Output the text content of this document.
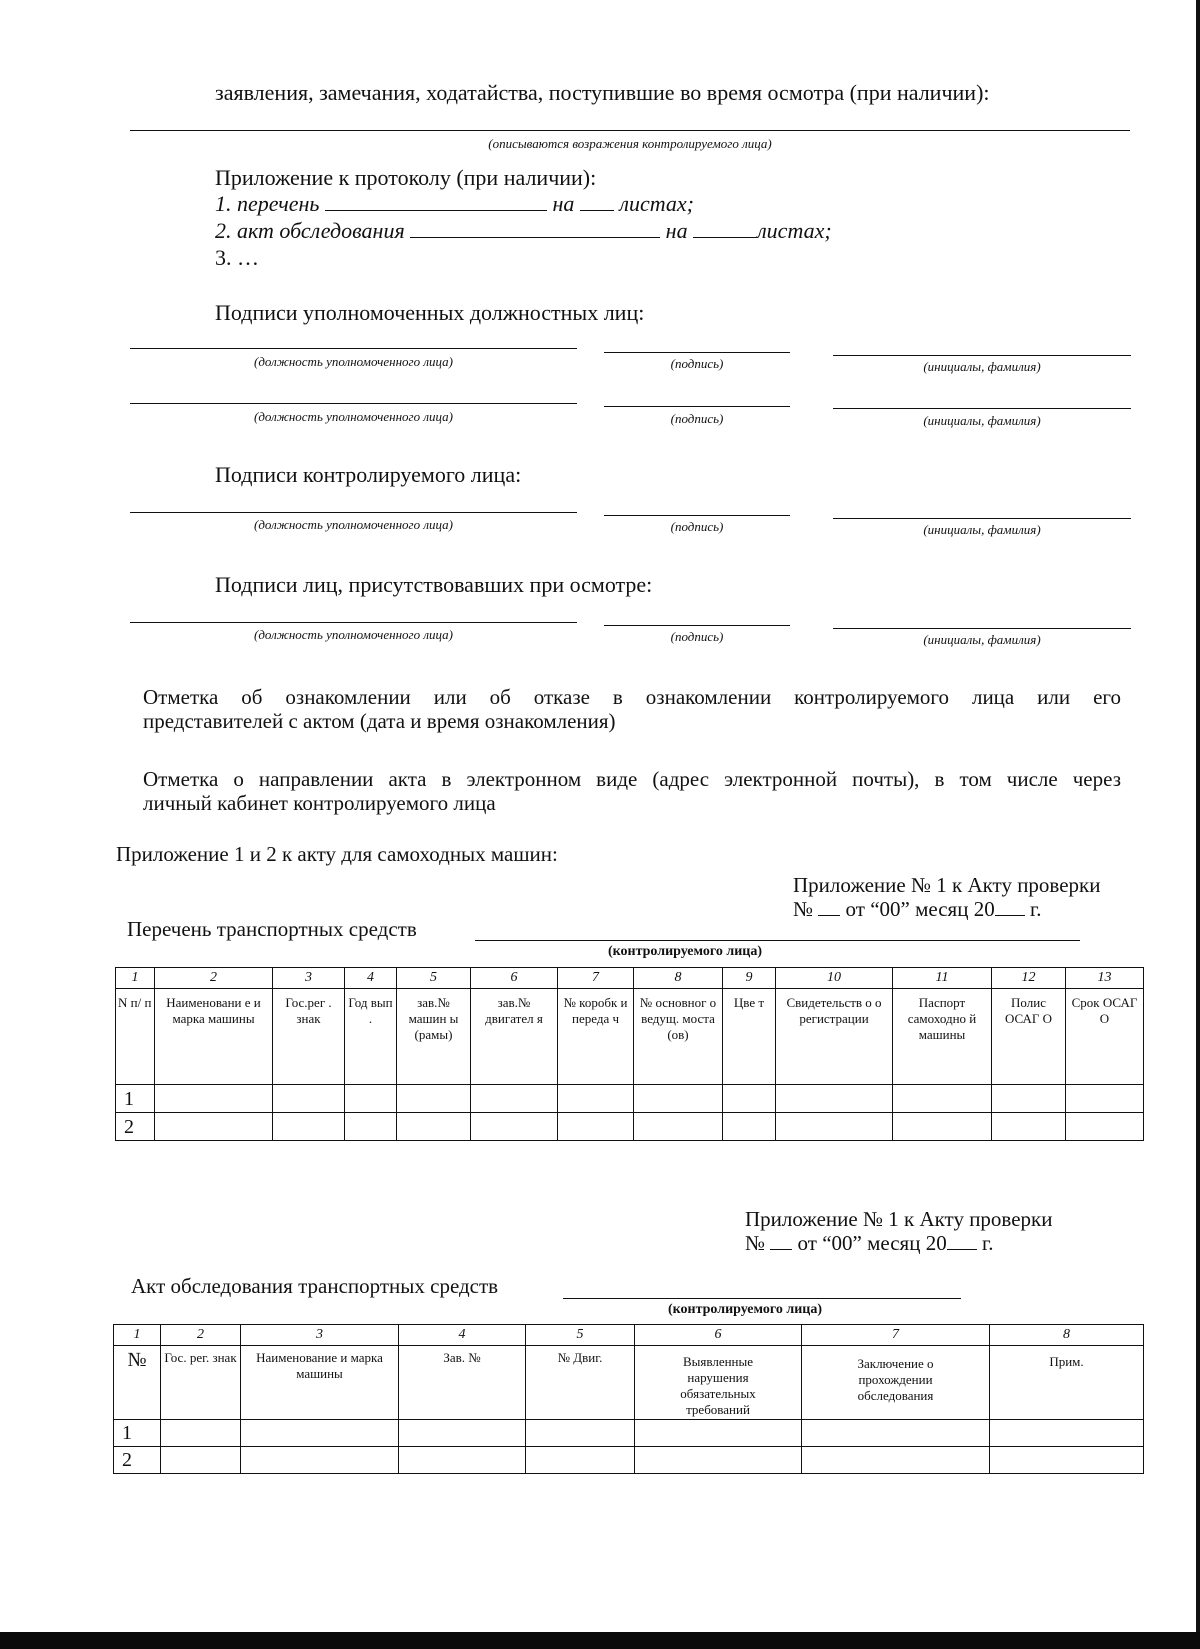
заявления, замечания, ходатайства, поступившие во время осмотра (при наличии):
(описываются возражения контролируемого лица)
Приложение к протоколу (при наличии):
1. перечень	на листах;
2. акт обследования	на	листах;
3. …
Подписи уполномоченных должностных лиц:
(должность уполномоченного лица)	(подпись)	(инициалы, фамилия)
(должность уполномоченного лица)	(подпись)	(инициалы, фамилия)
Подписи контролируемого лица:
(должность уполномоченного лица)	(подпись)	(инициалы, фамилия)
Подписи лиц, присутствовавших при осмотре:
(должность уполномоченного лица)	(подпись)	(инициалы, фамилия)
Отметка об ознакомлении или об отказе в ознакомлении контролируемого лица или его
представителей с актом (дата и время ознакомления)
Отметка о направлении акта в электронном виде (адрес электронной почты), в том числе через
личный кабинет контролируемого лица
Приложение 1 и 2 к акту для самоходных машин:
Приложение № 1 к Акту проверки
№ от “00” месяц 20 г.
Перечень транспортных средств
(контролируемого лица)
1	2	3	4	5	6	7	8	9	10	11	12	13
N п/ п	Наименовани е и марка машины	Гос.рег . знак	Год вып .	зав.№ машин ы (рамы)	зав.№ двигател я	№ коробк и переда ч	№ основног о ведущ. моста (ов)	Цве т	Свидетельств о о регистрации	Паспорт самоходно й машины	Полис ОСАГ О	Срок ОСАГ О
1												
2												
Приложение № 1 к Акту проверки
№ от “00” месяц 20 г.
Акт обследования транспортных средств
(контролируемого лица)
1	2	3	4	5	6	7	8
№	Гос. рег. знак	Наименование и марка машины	Зав. №	№ Двиг.	Выявленные нарушения обязательных требований	Заключение о прохождении обследования	Прим.
1							
2							
